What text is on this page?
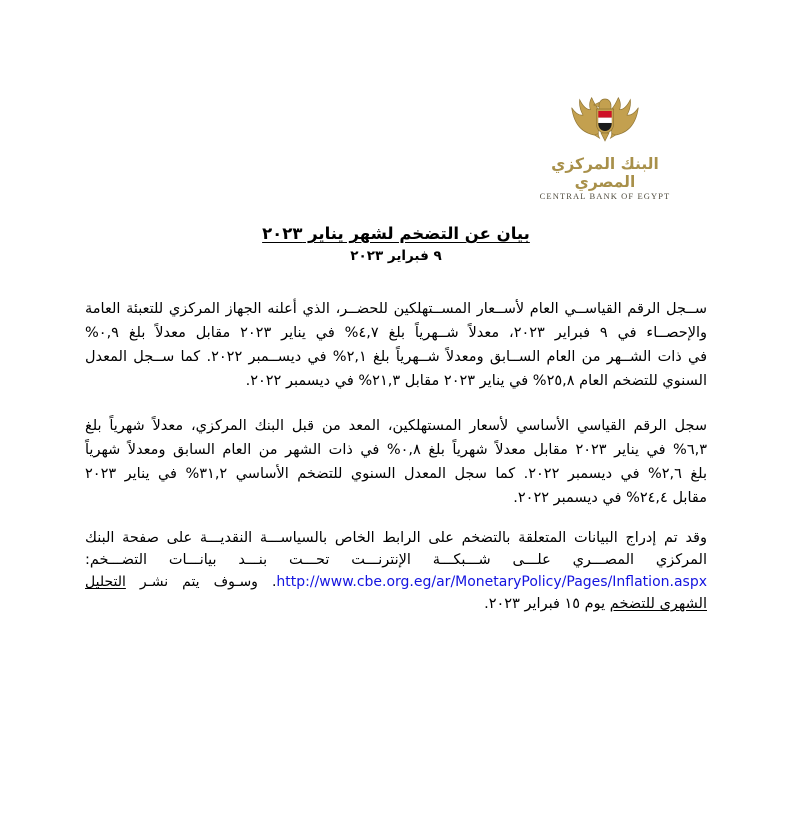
البنك المركزي المصري
CENTRAL BANK OF EGYPT
بيان عن التضخم لشهر يناير ٢٠٢٣
٩ فبراير ٢٠٢٣
ســجل الرقم القياســي العام لأســعار المســتهلكين للحضــر، الذي أعلنه الجهاز المركزي للتعبئة العامة
والإحصــاء في ٩ فبراير ٢٠٢٣، معدلاً شــهرياً بلغ ٤,٧% في يناير ٢٠٢٣ مقابل معدلاً بلغ ٠,٩%
في ذات الشــهر من العام الســابق ومعدلاً شــهرياً بلغ ٢,١% في ديســمبر ٢٠٢٢. كما ســجل المعدل
السنوي للتضخم العام ٢٥,٨% في يناير ٢٠٢٣ مقابل ٢١,٣% في ديسمبر ٢٠٢٢.
سجل الرقم القياسي الأساسي لأسعار المستهلكين، المعد من قبل البنك المركزي، معدلاً شهرياً بلغ
٦,٣% في يناير ٢٠٢٣ مقابل معدلاً شهرياً بلغ ٠,٨% في ذات الشهر من العام السابق ومعدلاً شهرياً
بلغ ٢,٦% في ديسمبر ٢٠٢٢. كما سجل المعدل السنوي للتضخم الأساسي ٣١,٢% في يناير ٢٠٢٣
مقابل ٢٤,٤% في ديسمبر ٢٠٢٢.
وقد تم إدراج البيانات المتعلقة بالتضخم على الرابط الخاص بالسياســـة النقديـــة على صفحة البنك
المركزي المصـــري علـــى شـــبكـــة الإنترنـــت تحـــت بنـــد بيانـــات التضـــخم:
http://www.cbe.org.eg/ar/MonetaryPolicy/Pages/Inflation.aspx. وسـوف يتم نشـر التحليل
الشهرى للتضخم يوم ١٥ فبراير ٢٠٢٣.
